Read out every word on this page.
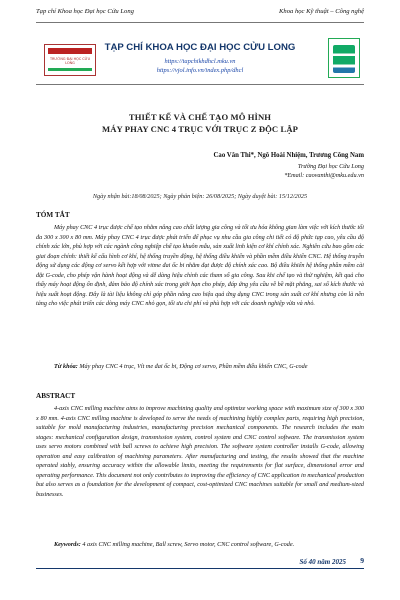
Tạp chí Khoa học Đại học Cửu Long	Khoa học Kỹ thuật – Công nghệ
TRƯỜNG ĐẠI HỌC CỬU LONG
TẠP CHÍ KHOA HỌC ĐẠI HỌC CỬU LONG
https://tapchikhdhcl.mku.vn
https://vjol.info.vn/index.php/dhcl
THIẾT KẾ VÀ CHẾ TẠO MÔ HÌNH
MÁY PHAY CNC 4 TRỤC VỚI TRỤC Z ĐỘC LẬP
Cao Văn Thi*, Ngô Hoài Nhiệm, Trương Công Nam
Trường Đại học Cửu Long
*Email: caovanthi@mku.edu.vn
Ngày nhận bài:18/08/2025; Ngày phản biện: 26/08/2025; Ngày duyệt bài: 15/12/2025
TÓM TẮT
Máy phay CNC 4 trục được chế tạo nhằm nâng cao chất lượng gia công và tối ưu hóa không gian làm việc với kích thước tối đa 300 x 300 x 80 mm. Máy phay CNC 4 trục được phát triển để phục vụ nhu cầu gia công chi tiết có độ phức tạp cao, yêu cầu độ chính xác lớn, phù hợp với các ngành công nghiệp chế tạo khuôn mẫu, sản xuất linh kiện cơ khí chính xác. Nghiên cứu bao gồm các giai đoạn chính: thiết kế cấu hình cơ khí, hệ thống truyền động, hệ thống điều khiển và phần mềm điều khiển CNC. Hệ thống truyền động sử dụng các động cơ servo kết hợp với vitme đai ốc bi nhằm đạt được độ chính xác cao. Bộ điều khiển hệ thống phần mềm cài đặt G-code, cho phép vận hành hoạt động và dễ dàng hiệu chỉnh các tham số gia công. Sau khi chế tạo và thử nghiệm, kết quả cho thấy máy hoạt động ổn định, đảm bảo độ chính xác trong giới hạn cho phép, đáp ứng yêu cầu về bề mặt phẳng, sai số kích thước và hiệu suất hoạt động. Đây là tài liệu không chỉ góp phần nâng cao hiệu quả ứng dụng CNC trong sản xuất cơ khí nhưng còn là nền tảng cho việc phát triển các dòng máy CNC nhỏ gọn, tối ưu chi phí và phù hợp với các doanh nghiệp vừa và nhỏ.
Từ khóa: Máy phay CNC 4 trục, Vít me đai ốc bi, Động cơ servo, Phần mềm điều khiển CNC, G-code
ABSTRACT
4-axis CNC milling machine aims to improve machining quality and optimize working space with maximum size of 300 x 300 x 80 mm. 4-axis CNC milling machine is developed to serve the needs of machining highly complex parts, requiring high precision, suitable for mold manufacturing industries, manufacturing precision mechanical components. The research includes the main stages: mechanical configuration design, transmission system, control system and CNC control software. The transmission system uses servo motors combined with ball screws to achieve high precision. The software system controller installs G-code, allowing operation and easy calibration of machining parameters. After manufacturing and testing, the results showed that the machine operated stably, ensuring accuracy within the allowable limits, meeting the requirements for flat surface, dimensional error and operating performance. This document not only contributes to improving the efficiency of CNC application in mechanical production but also serves as a foundation for the development of compact, cost-optimized CNC machines suitable for small and medium-sized businesses.
Keywords: 4 axis CNC milling machine, Ball screw, Servo motor, CNC control software, G-code.
Số 40 năm 2025 9
